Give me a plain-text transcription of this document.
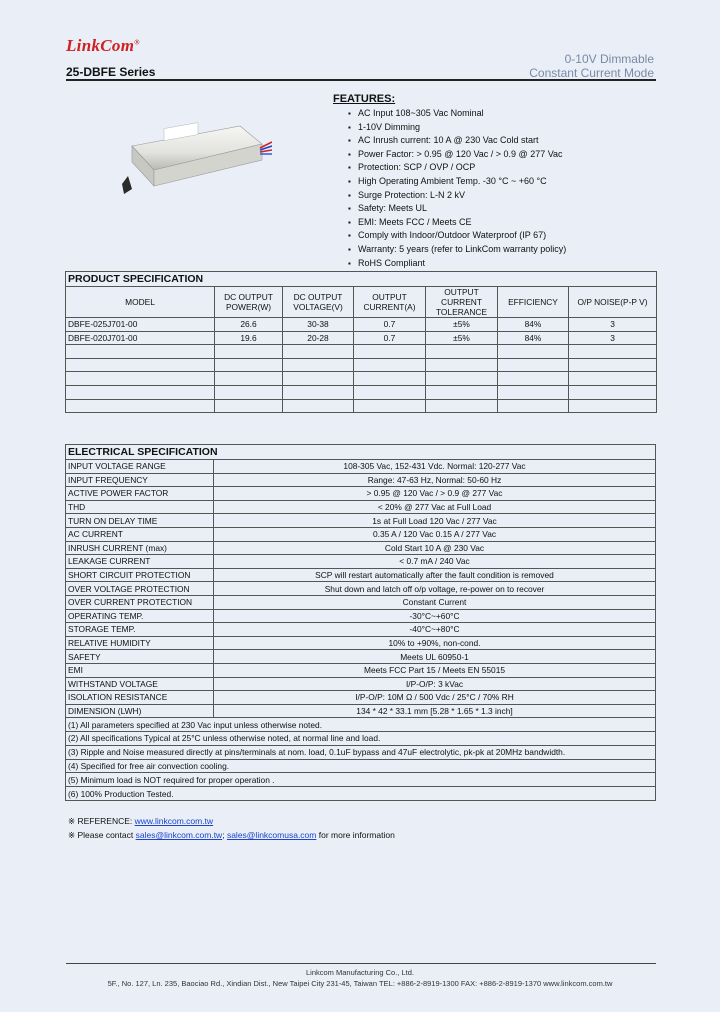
LinkCom®
25-DBFE Series
0-10V Dimmable
Constant Current Mode
FEATURES:
▪ AC Input 108~305 Vac Nominal
▪ 1-10V Dimming
▪ AC Inrush current: 10 A @ 230 Vac Cold start
▪ Power Factor: > 0.95 @ 120 Vac / > 0.9 @ 277 Vac
▪ Protection: SCP / OVP / OCP
▪ High Operating Ambient Temp. -30 °C ~ +60 °C
▪ Surge Protection: L-N 2 kV
▪ Safety: Meets UL
▪ EMI: Meets FCC / Meets CE
▪ Comply with Indoor/Outdoor Waterproof (IP 67)
▪ Warranty: 5 years (refer to LinkCom warranty policy)
▪ RoHS Compliant
PRODUCT SPECIFICATION						
MODEL	DC OUTPUT POWER(W)	DC OUTPUT VOLTAGE(V)	OUTPUT CURRENT(A)	OUTPUT CURRENT TOLERANCE	EFFICIENCY	O/P NOISE(P-P V)
DBFE-025J701-00	26.6	30-38	0.7	±5%	84%	3
DBFE-020J701-00	19.6	20-28	0.7	±5%	84%	3

ELECTRICAL SPECIFICATION	
INPUT VOLTAGE RANGE	108-305 Vac, 152-431 Vdc. Normal: 120-277 Vac
INPUT FREQUENCY	Range: 47-63 Hz, Normal: 50-60 Hz
ACTIVE POWER FACTOR	> 0.95 @ 120 Vac / > 0.9 @ 277 Vac
THD	< 20% @ 277 Vac at Full Load
TURN ON DELAY TIME	1s at Full Load 120 Vac / 277 Vac
AC CURRENT	0.35 A / 120 Vac 0.15 A / 277 Vac
INRUSH CURRENT (max)	Cold Start 10 A @ 230 Vac
LEAKAGE CURRENT	< 0.7 mA / 240 Vac
SHORT CIRCUIT PROTECTION	SCP will restart automatically after the fault condition is removed
OVER VOLTAGE PROTECTION	Shut down and latch off o/p voltage, re-power on to recover
OVER CURRENT PROTECTION	Constant Current
OPERATING TEMP.	-30°C~+60°C
STORAGE TEMP.	-40°C~+80°C
RELATIVE HUMIDITY	10% to +90%, non-cond.
SAFETY	Meets UL 60950-1
EMI	Meets FCC Part 15 / Meets EN 55015
WITHSTAND VOLTAGE	I/P-O/P: 3 kVac
ISOLATION RESISTANCE	I/P-O/P: 10M Ω / 500 Vdc / 25°C / 70% RH
DIMENSION (LWH)	134 * 42 * 33.1 mm [5.28 * 1.65 * 1.3 inch]
(1) All parameters specified at 230 Vac input unless otherwise noted.	
(2) All specifications Typical at 25°C unless otherwise noted, at normal line and load.	
(3) Ripple and Noise measured directly at pins/terminals at nom. load, 0.1uF bypass and 47uF electrolytic, pk-pk at 20MHz bandwidth.	
(4) Specified for free air convection cooling.	
(5) Minimum load is NOT required for proper operation .	
(6) 100% Production Tested.	
※ REFERENCE: www.linkcom.com.tw
※ Please contact sales@linkcom.com.tw; sales@linkcomusa.com for more information
Linkcom Manufacturing Co., Ltd.
5F., No. 127, Ln. 235, Baociao Rd., Xindian Dist., New Taipei City 231-45, Taiwan TEL: +886-2-8919-1300 FAX: +886-2-8919-1370 www.linkcom.com.tw
